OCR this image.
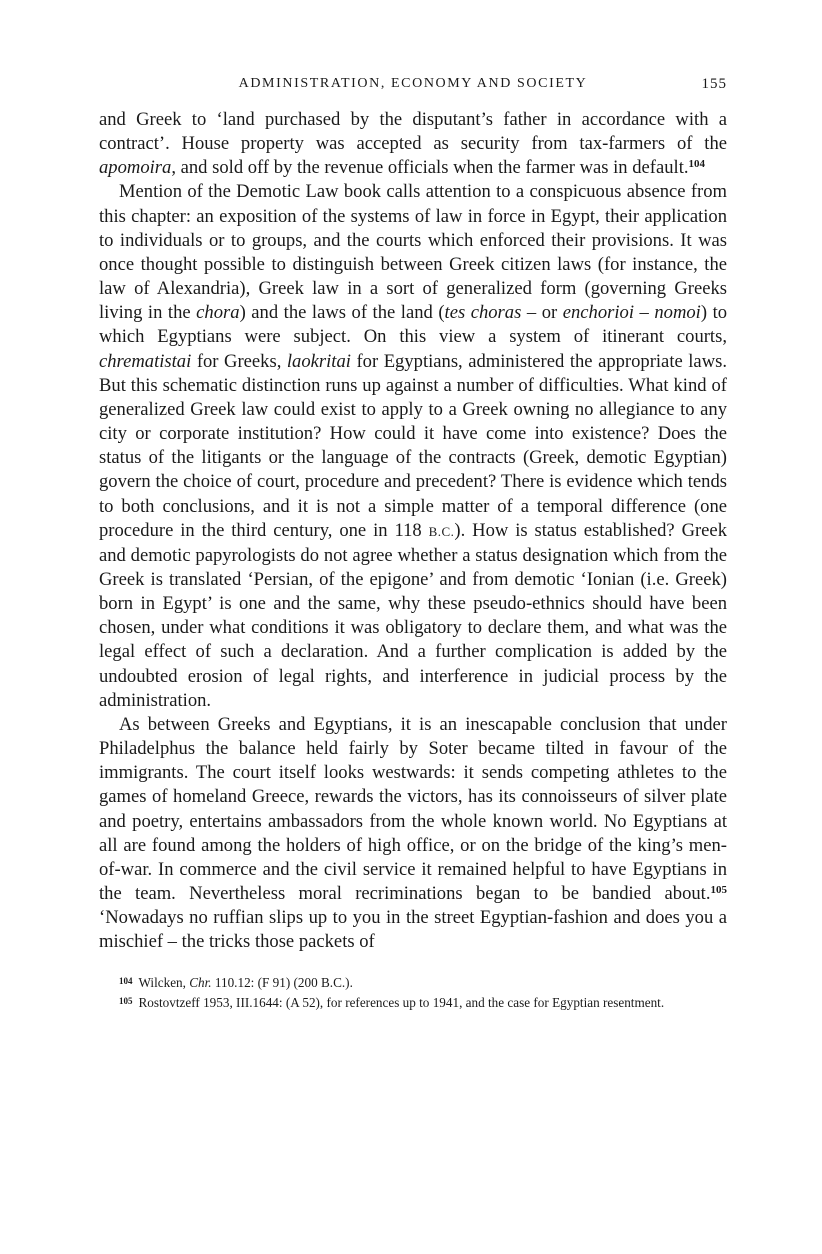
ADMINISTRATION, ECONOMY AND SOCIETY	155

and Greek to ‘land purchased by the disputant’s father in accordance with a contract’. House property was accepted as security from tax-farmers of the apomoira, and sold off by the revenue officials when the farmer was in default.$^{104}$

Mention of the Demotic Law book calls attention to a conspicuous absence from this chapter: an exposition of the systems of law in force in Egypt, their application to individuals or to groups, and the courts which enforced their provisions. It was once thought possible to distinguish between Greek citizen laws (for instance, the law of Alexandria), Greek law in a sort of generalized form (governing Greeks living in the chora) and the laws of the land (tes choras – or enchorioi – nomoi) to which Egyptians were subject. On this view a system of itinerant courts, chrematistai for Greeks, laokritai for Egyptians, administered the appropriate laws. But this schematic distinction runs up against a number of difficulties. What kind of generalized Greek law could exist to apply to a Greek owning no allegiance to any city or corporate institution? How could it have come into existence? Does the status of the litigants or the language of the contracts (Greek, demotic Egyptian) govern the choice of court, procedure and precedent? There is evidence which tends to both conclusions, and it is not a simple matter of a temporal difference (one procedure in the third century, one in 118 B.C.). How is status established? Greek and demotic papyrologists do not agree whether a status designation which from the Greek is translated ‘Persian, of the epigone’ and from demotic ‘Ionian (i.e. Greek) born in Egypt’ is one and the same, why these pseudo-ethnics should have been chosen, under what conditions it was obligatory to declare them, and what was the legal effect of such a declaration. And a further complication is added by the undoubted erosion of legal rights, and interference in judicial process by the administration.

As between Greeks and Egyptians, it is an inescapable conclusion that under Philadelphus the balance held fairly by Soter became tilted in favour of the immigrants. The court itself looks westwards: it sends competing athletes to the games of homeland Greece, rewards the victors, has its connoisseurs of silver plate and poetry, entertains ambassadors from the whole known world. No Egyptians at all are found among the holders of high office, or on the bridge of the king’s men-of-war. In commerce and the civil service it remained helpful to have Egyptians in the team. Nevertheless moral recriminations began to be bandied about.$^{105}$ ‘Nowadays no ruffian slips up to you in the street Egyptian-fashion and does you a mischief – the tricks those packets of

$^{104}$ Wilcken, Chr. 110.12: (F 91) (200 B.C.).

$^{105}$ Rostovtzeff 1953, III.1644: (A 52), for references up to 1941, and the case for Egyptian resentment.
